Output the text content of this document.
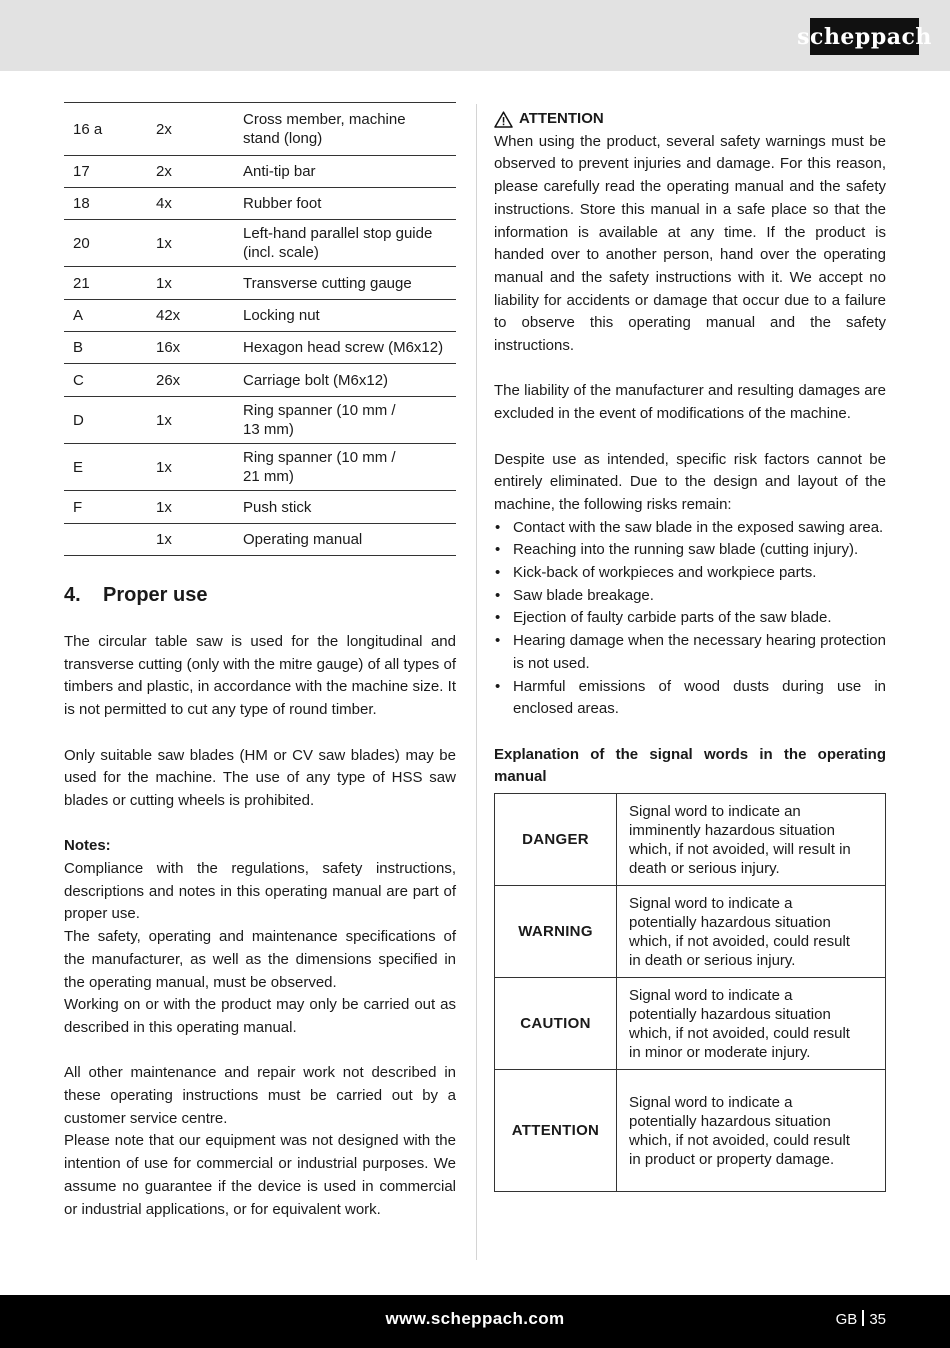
scheppach
16 a	2x	Cross member, machine
stand (long)
17	2x	Anti-tip bar
18	4x	Rubber foot
20	1x	Left-hand parallel stop guide
(incl. scale)
21	1x	Transverse cutting gauge
A	42x	Locking nut
B	16x	Hexagon head screw (M6x12)
C	26x	Carriage bolt (M6x12)
D	1x	Ring spanner (10 mm /
13 mm)
E	1x	Ring spanner (10 mm /
21 mm)
F	1x	Push stick
	1x	Operating manual
4. Proper use

The circular table saw is used for the longitudinal and transverse cutting (only with the mitre gauge) of all types of timbers and plastic, in accordance with the machine size. It is not permitted to cut any type of round timber.

Only suitable saw blades (HM or CV saw blades) may be used for the machine. The use of any type of HSS saw blades or cutting wheels is prohibited.

Notes:

Compliance with the regulations, safety instructions, descriptions and notes in this operating manual are part of proper use.

The safety, operating and maintenance specifications of the manufacturer, as well as the dimensions specified in the operating manual, must be observed.

Working on or with the product may only be carried out as described in this operating manual.

All other maintenance and repair work not described in these operating instructions must be carried out by a customer service centre.

Please note that our equipment was not designed with the intention of use for commercial or industrial purposes. We assume no guarantee if the device is used in commercial or industrial applications, or for equivalent work.

ATTENTION

When using the product, several safety warnings must be observed to prevent injuries and damage. For this reason, please carefully read the operating manual and the safety instructions. Store this manual in a safe place so that the information is available at any time. If the product is handed over to another person, hand over the operating manual and the safety instructions with it. We accept no liability for accidents or damage that occur due to a failure to observe this operating manual and the safety instructions.

The liability of the manufacturer and resulting damages are excluded in the event of modifications of the machine.

Despite use as intended, specific risk factors cannot be entirely eliminated. Due to the design and layout of the machine, the following risks remain:

• Contact with the saw blade in the exposed sawing area.
• Reaching into the running saw blade (cutting injury).
• Kick-back of workpieces and workpiece parts.
• Saw blade breakage.
• Ejection of faulty carbide parts of the saw blade.
• Hearing damage when the necessary hearing protection is not used.
• Harmful emissions of wood dusts during use in enclosed areas.

Explanation of the signal words in the operating manual

DANGER	Signal word to indicate an
imminently hazardous situation
which, if not avoided, will result in
death or serious injury.
WARNING	Signal word to indicate a
potentially hazardous situation
which, if not avoided, could result
in death or serious injury.
CAUTION	Signal word to indicate a
potentially hazardous situation
which, if not avoided, could result
in minor or moderate injury.
ATTENTION	Signal word to indicate a
potentially hazardous situation
which, if not avoided, could result
in product or property damage.
www.scheppach.com	GB 35
